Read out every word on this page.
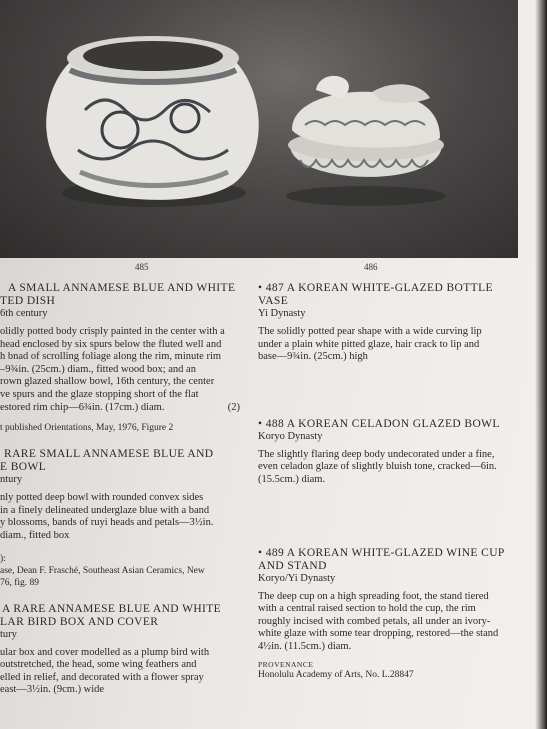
485	486

A SMALL ANNAMESE BLUE AND WHITE

TED DISH

6th century

olidly potted body crisply painted in the center with a

head enclosed by six spurs below the fluted well and

h bnad of scrolling foliage along the rim, minute rim

–9¾in. (25cm.) diam., fitted wood box; and an

rown glazed shallow bowl, 16th century, the center

ve spurs and the glaze stopping short of the flat

estored rim chip—6¾in. (17cm.) diam.	(2)

t published Orientations, May, 1976, Figure 2

RARE SMALL ANNAMESE BLUE AND

E BOWL

ntury

nly potted deep bowl with rounded convex sides

in a finely delineated underglaze blue with a band

y blossoms, bands of ruyi heads and petals—3½in.

diam., fitted box

):

ase, Dean F. Frasché, Southeast Asian Ceramics, New

76, fig. 89

A RARE ANNAMESE BLUE AND WHITE

LAR BIRD BOX AND COVER

tury

ular box and cover modelled as a plump bird with

outstretched, the head, some wing feathers and

elled in relief, and decorated with a flower spray

east—3½in. (9cm.) wide

• 487 A KOREAN WHITE-GLAZED BOTTLE

VASE

Yi Dynasty

The solidly potted pear shape with a wide curving lip

under a plain white pitted glaze, hair crack to lip and

base—9¾in. (25cm.) high

• 488 A KOREAN CELADON GLAZED BOWL

Koryo Dynasty

The slightly flaring deep body undecorated under a fine,

even celadon glaze of slightly bluish tone, cracked—6in.

(15.5cm.) diam.

• 489 A KOREAN WHITE-GLAZED WINE CUP

AND STAND

Koryo/Yi Dynasty

The deep cup on a high spreading foot, the stand tiered

with a central raised section to hold the cup, the rim

roughly incised with combed petals, all under an ivory-

white glaze with some tear dropping, restored—the stand

4½in. (11.5cm.) diam.

PROVENANCE

Honolulu Academy of Arts, No. L.28847
